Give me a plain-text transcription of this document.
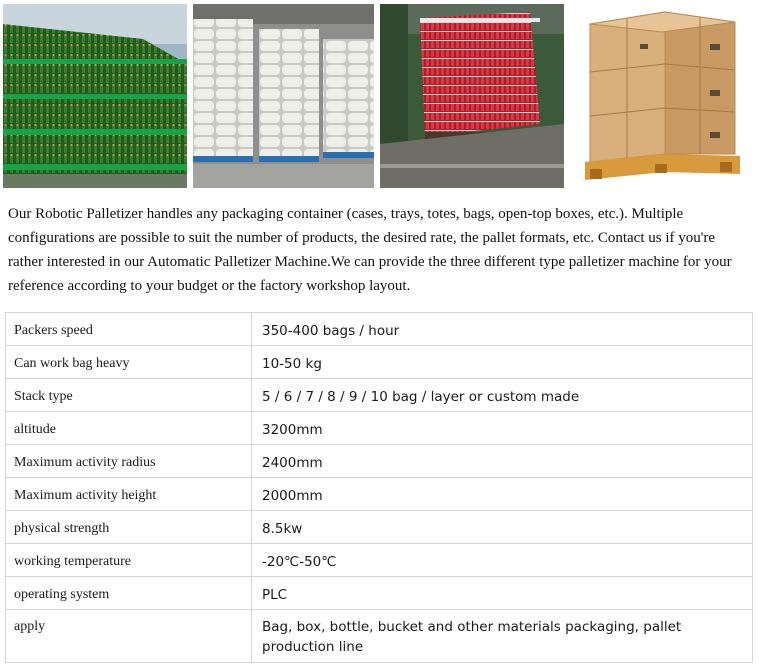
Our Robotic Palletizer handles any packaging container (cases, trays, totes, bags, open-top boxes, etc.). Multiple configurations are possible to suit the number of products, the desired rate, the pallet formats, etc. Contact us if you're rather interested in our Automatic Palletizer Machine.We can provide the three different type palletizer machine for your reference according to your budget or the factory workshop layout.

Packers speed	350-400 bags / hour
Can work bag heavy	10-50 kg
Stack type	5 / 6 / 7 / 8 / 9 / 10 bag / layer or custom made
altitude	3200mm
Maximum activity radius	2400mm
Maximum activity height	2000mm
physical strength	8.5kw
working temperature	-20℃-50℃
operating system	PLC
apply	Bag, box, bottle, bucket and other materials packaging, pallet production line
